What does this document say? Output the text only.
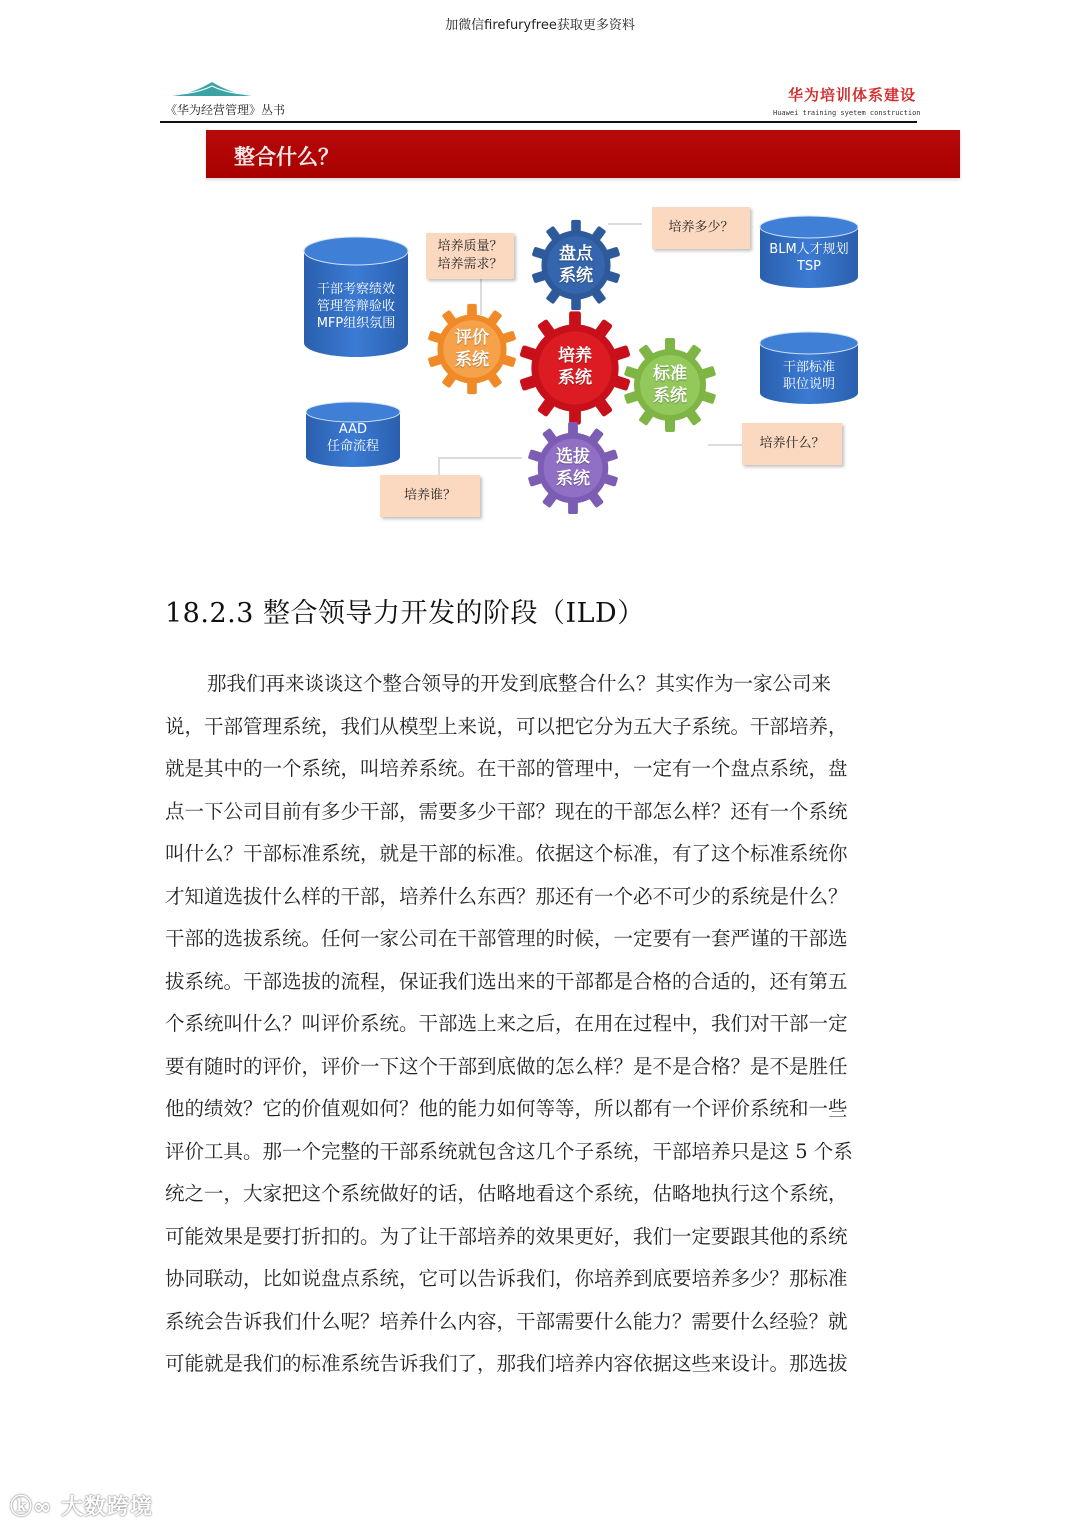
加微信firefuryfree获取更多资料
《华为经营管理》丛书
华为培训体系建设
Huawei training syetem construction
整合什么？
干部考察绩效
管理答辩验收
MFP组织氛围
BLM人才规划
TSP
干部标准
职位说明
AAD
任命流程
培养质量？
培养需求？
培养多少？
培养什么？
培养谁？
盘点
系统
评价
系统	培养
系统	标准
系统
选拔
系统
18.2.3 整合领导力开发的阶段（ILD）
那我们再来谈谈这个整合领导的开发到底整合什么？其实作为一家公司来
说，干部管理系统，我们从模型上来说，可以把它分为五大子系统。干部培养，
就是其中的一个系统，叫培养系统。在干部的管理中，一定有一个盘点系统，盘
点一下公司目前有多少干部，需要多少干部？现在的干部怎么样？还有一个系统
叫什么？干部标准系统，就是干部的标准。依据这个标准，有了这个标准系统你
才知道选拔什么样的干部，培养什么东西？那还有一个必不可少的系统是什么？
干部的选拔系统。任何一家公司在干部管理的时候，一定要有一套严谨的干部选
拔系统。干部选拔的流程，保证我们选出来的干部都是合格的合适的，还有第五
个系统叫什么？叫评价系统。干部选上来之后，在用在过程中，我们对干部一定
要有随时的评价，评价一下这个干部到底做的怎么样？是不是合格？是不是胜任
他的绩效？它的价值观如何？他的能力如何等等，所以都有一个评价系统和一些
评价工具。那一个完整的干部系统就包含这几个子系统，干部培养只是这 5 个系
统之一，大家把这个系统做好的话，估略地看这个系统，估略地执行这个系统，
可能效果是要打折扣的。为了让干部培养的效果更好，我们一定要跟其他的系统
协同联动，比如说盘点系统，它可以告诉我们，你培养到底要培养多少？那标准
系统会告诉我们什么呢？培养什么内容，干部需要什么能力？需要什么经验？就
可能就是我们的标准系统告诉我们了，那我们培养内容依据这些来设计。那选拔
ⓚ∞ 大数跨境
